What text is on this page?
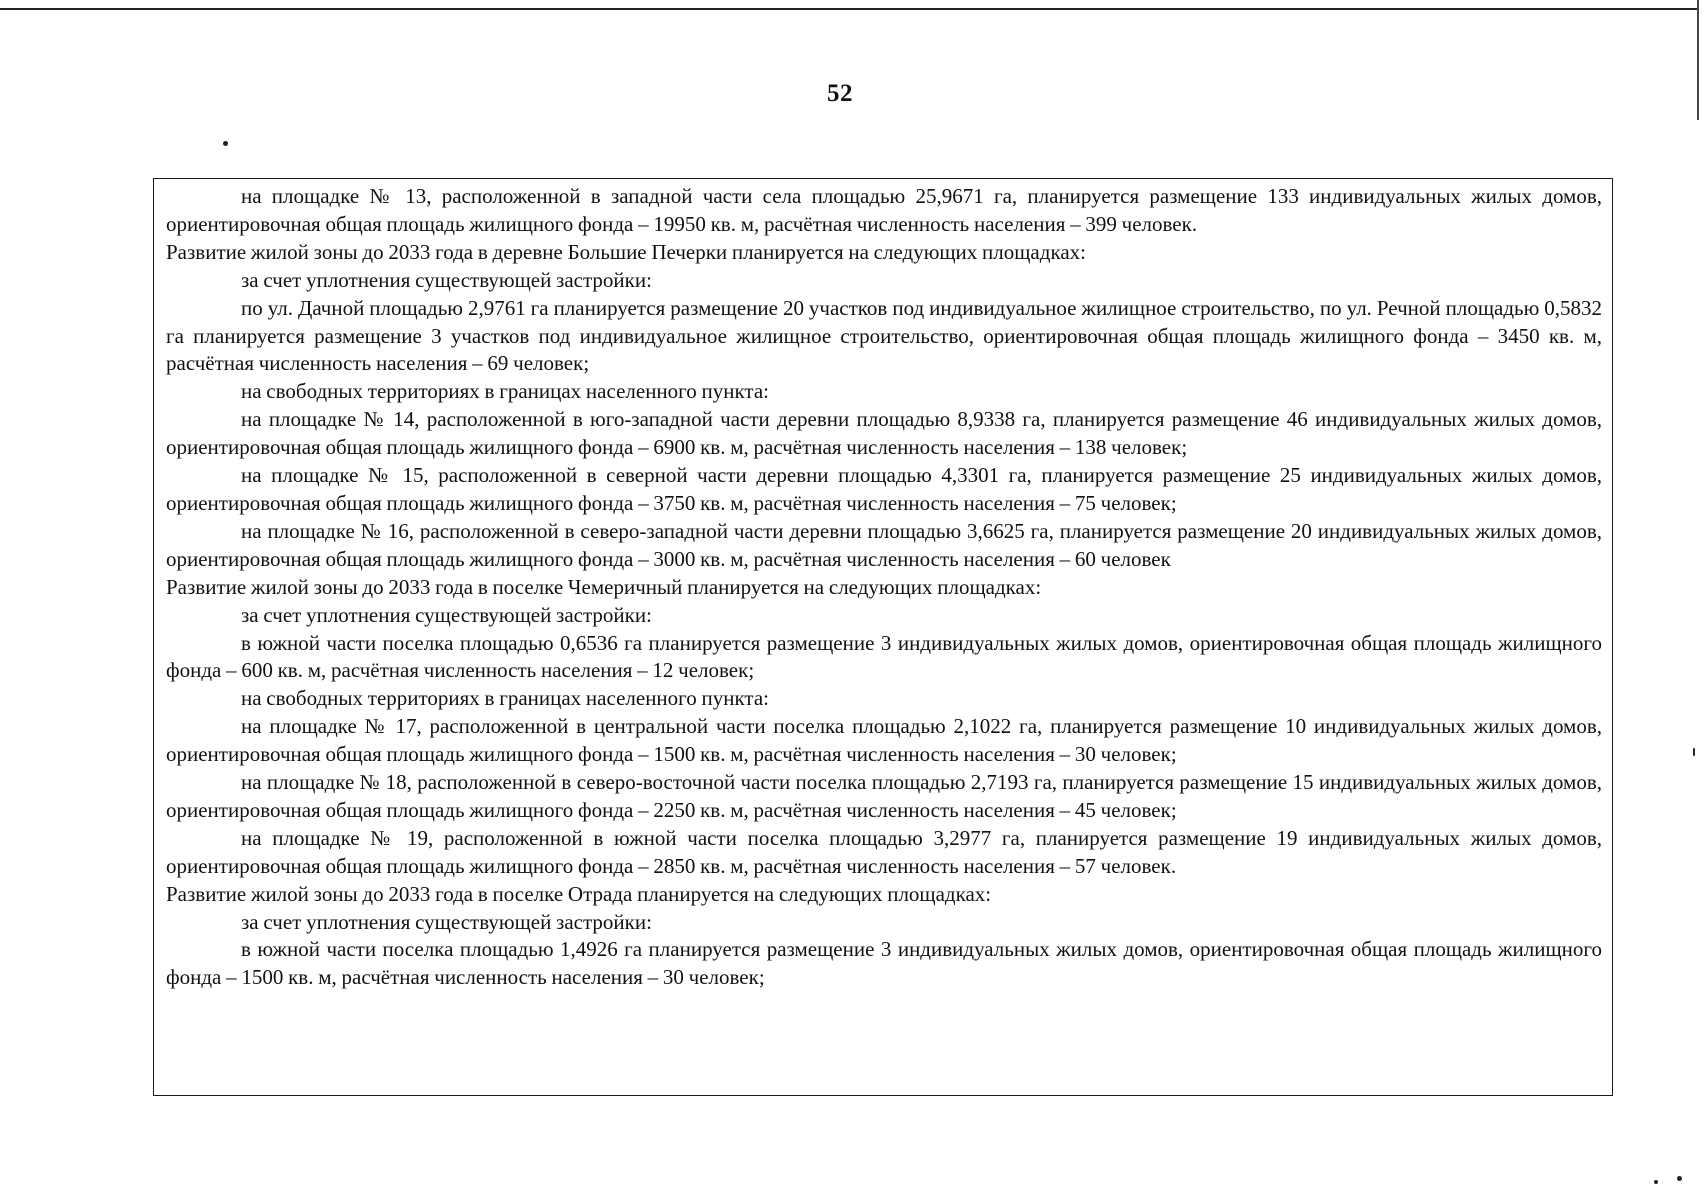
52

на площадке № 13, расположенной в западной части села площадью 25,9671 га, планируется размещение 133 индивидуальных жилых домов, ориентировочная общая площадь жилищного фонда – 19950 кв. м, расчётная численность населения – 399 человек.

Развитие жилой зоны до 2033 года в деревне Большие Печерки планируется на следующих площадках:

за счет уплотнения существующей застройки:

по ул. Дачной площадью 2,9761 га планируется размещение 20 участков под индивидуальное жилищное строительство, по ул. Речной площадью 0,5832 га планируется размещение 3 участков под индивидуальное жилищное строительство, ориентировочная общая площадь жилищного фонда – 3450 кв. м, расчётная численность населения – 69 человек;

на свободных территориях в границах населенного пункта:

на площадке № 14, расположенной в юго-западной части деревни площадью 8,9338 га, планируется размещение 46 индивидуальных жилых домов, ориентировочная общая площадь жилищного фонда – 6900 кв. м, расчётная численность населения – 138 человек;

на площадке № 15, расположенной в северной части деревни площадью 4,3301 га, планируется размещение 25 индивидуальных жилых домов, ориентировочная общая площадь жилищного фонда – 3750 кв. м, расчётная численность населения – 75 человек;

на площадке № 16, расположенной в северо-западной части деревни площадью 3,6625 га, планируется размещение 20 индивидуальных жилых домов, ориентировочная общая площадь жилищного фонда – 3000 кв. м, расчётная численность населения – 60 человек

Развитие жилой зоны до 2033 года в поселке Чемеричный планируется на следующих площадках:

за счет уплотнения существующей застройки:

в южной части поселка площадью 0,6536 га планируется размещение 3 индивидуальных жилых домов, ориентировочная общая площадь жилищного фонда – 600 кв. м, расчётная численность населения – 12 человек;

на свободных территориях в границах населенного пункта:

на площадке № 17, расположенной в центральной части поселка площадью 2,1022 га, планируется размещение 10 индивидуальных жилых домов, ориентировочная общая площадь жилищного фонда – 1500 кв. м, расчётная численность населения – 30 человек;

на площадке № 18, расположенной в северо-восточной части поселка площадью 2,7193 га, планируется размещение 15 индивидуальных жилых домов, ориентировочная общая площадь жилищного фонда – 2250 кв. м, расчётная численность населения – 45 человек;

на площадке № 19, расположенной в южной части поселка площадью 3,2977 га, планируется размещение 19 индивидуальных жилых домов, ориентировочная общая площадь жилищного фонда – 2850 кв. м, расчётная численность населения – 57 человек.

Развитие жилой зоны до 2033 года в поселке Отрада планируется на следующих площадках:

за счет уплотнения существующей застройки:

в южной части поселка площадью 1,4926 га планируется размещение 3 индивидуальных жилых домов, ориентировочная общая площадь жилищного фонда – 1500 кв. м, расчётная численность населения – 30 человек;
